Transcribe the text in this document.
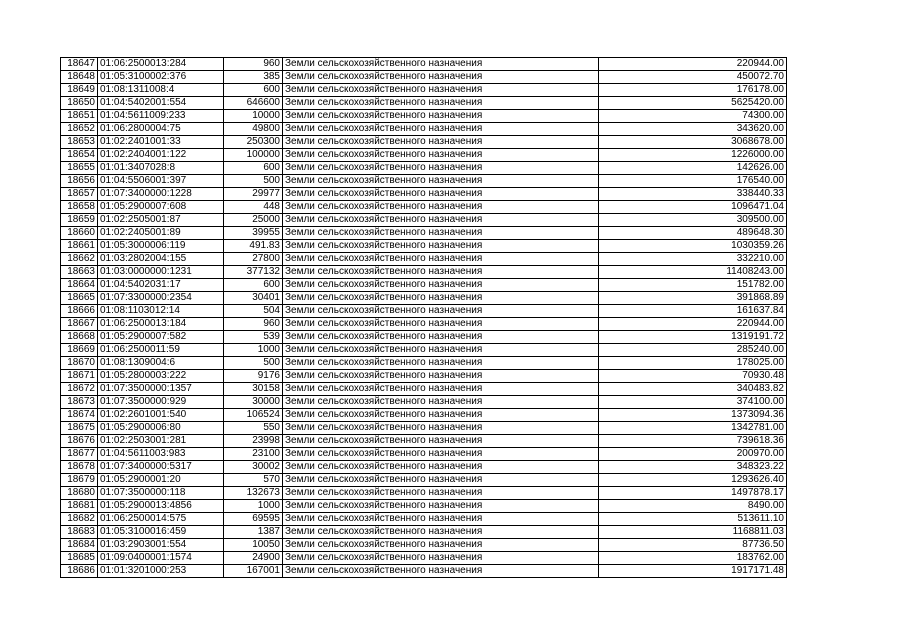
18647	01:06:2500013:284	960	Земли сельскохозяйственного назначения	220944.00
18648	01:05:3100002:376	385	Земли сельскохозяйственного назначения	450072.70
18649	01:08:1311008:4	600	Земли сельскохозяйственного назначения	176178.00
18650	01:04:5402001:554	646600	Земли сельскохозяйственного назначения	5625420.00
18651	01:04:5611009:233	10000	Земли сельскохозяйственного назначения	74300.00
18652	01:06:2800004:75	49800	Земли сельскохозяйственного назначения	343620.00
18653	01:02:2401001:33	250300	Земли сельскохозяйственного назначения	3068678.00
18654	01:02:2404001:122	100000	Земли сельскохозяйственного назначения	1226000.00
18655	01:01:3407028:8	600	Земли сельскохозяйственного назначения	142626.00
18656	01:04:5506001:397	500	Земли сельскохозяйственного назначения	176540.00
18657	01:07:3400000:1228	29977	Земли сельскохозяйственного назначения	338440.33
18658	01:05:2900007:608	448	Земли сельскохозяйственного назначения	1096471.04
18659	01:02:2505001:87	25000	Земли сельскохозяйственного назначения	309500.00
18660	01:02:2405001:89	39955	Земли сельскохозяйственного назначения	489648.30
18661	01:05:3000006:119	491.83	Земли сельскохозяйственного назначения	1030359.26
18662	01:03:2802004:155	27800	Земли сельскохозяйственного назначения	332210.00
18663	01:03:0000000:1231	377132	Земли сельскохозяйственного назначения	11408243.00
18664	01:04:5402031:17	600	Земли сельскохозяйственного назначения	151782.00
18665	01:07:3300000:2354	30401	Земли сельскохозяйственного назначения	391868.89
18666	01:08:1103012:14	504	Земли сельскохозяйственного назначения	161637.84
18667	01:06:2500013:184	960	Земли сельскохозяйственного назначения	220944.00
18668	01:05:2900007:582	539	Земли сельскохозяйственного назначения	1319191.72
18669	01:06:2500011:59	1000	Земли сельскохозяйственного назначения	285240.00
18670	01:08:1309004:6	500	Земли сельскохозяйственного назначения	178025.00
18671	01:05:2800003:222	9176	Земли сельскохозяйственного назначения	70930.48
18672	01:07:3500000:1357	30158	Земли сельскохозяйственного назначения	340483.82
18673	01:07:3500000:929	30000	Земли сельскохозяйственного назначения	374100.00
18674	01:02:2601001:540	106524	Земли сельскохозяйственного назначения	1373094.36
18675	01:05:2900006:80	550	Земли сельскохозяйственного назначения	1342781.00
18676	01:02:2503001:281	23998	Земли сельскохозяйственного назначения	739618.36
18677	01:04:5611003:983	23100	Земли сельскохозяйственного назначения	200970.00
18678	01:07:3400000:5317	30002	Земли сельскохозяйственного назначения	348323.22
18679	01:05:2900001:20	570	Земли сельскохозяйственного назначения	1293626.40
18680	01:07:3500000:118	132673	Земли сельскохозяйственного назначения	1497878.17
18681	01:05:2900013:4856	1000	Земли сельскохозяйственного назначения	8490.00
18682	01:06:2500014:575	69595	Земли сельскохозяйственного назначения	513611.10
18683	01:05:3100016:459	1387	Земли сельскохозяйственного назначения	1168811.03
18684	01:03:2903001:554	10050	Земли сельскохозяйственного назначения	87736.50
18685	01:09:0400001:1574	24900	Земли сельскохозяйственного назначения	183762.00
18686	01:01:3201000:253	167001	Земли сельскохозяйственного назначения	1917171.48
